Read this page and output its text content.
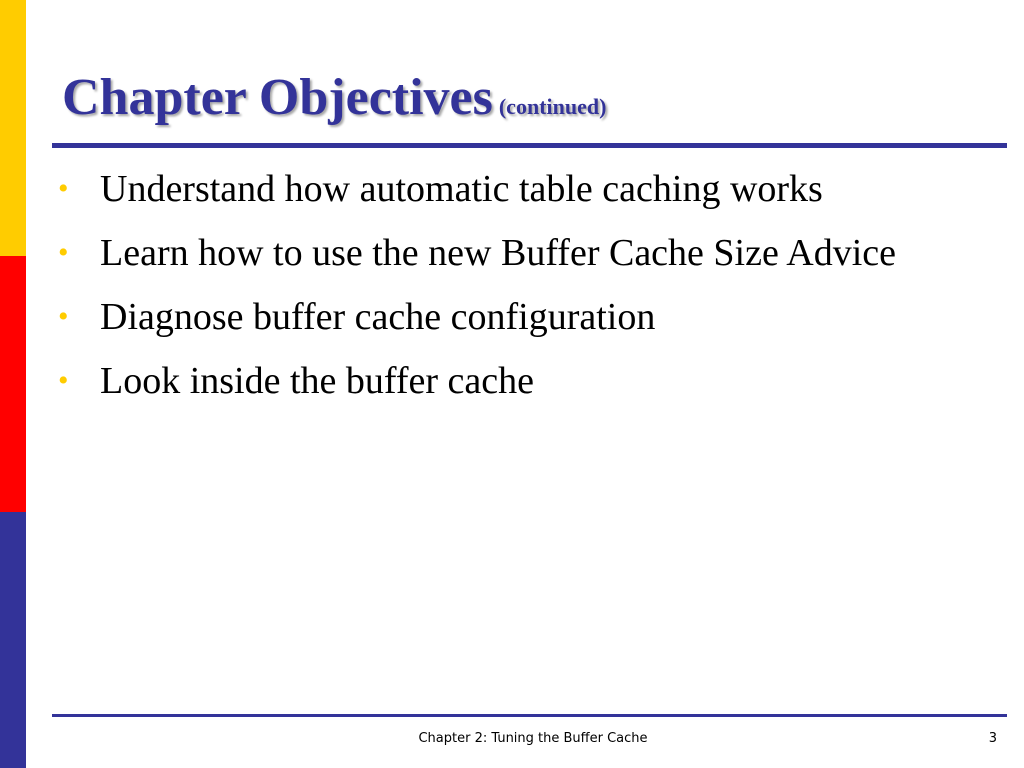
Chapter Objectives (continued)
• Understand how automatic table caching works
• Learn how to use the new Buffer Cache Size Advice
• Diagnose buffer cache configuration
• Look inside the buffer cache
Chapter 2: Tuning the Buffer Cache	3
